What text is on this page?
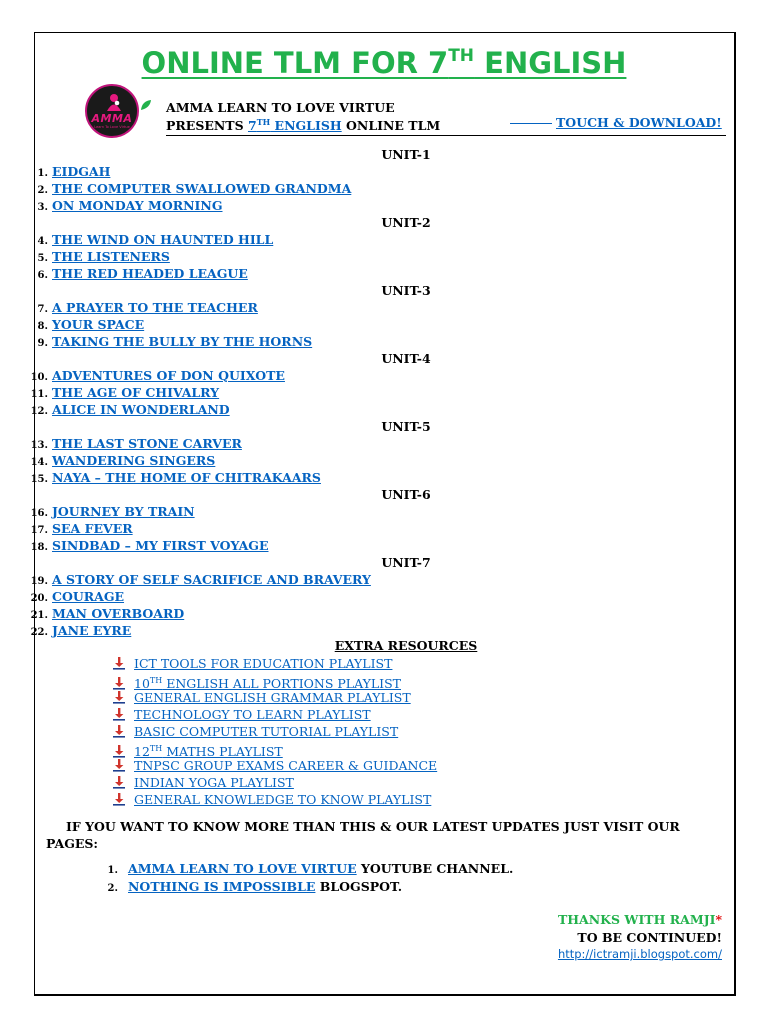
ONLINE TLM FOR 7TH ENGLISH
AMMA
Learn To Love Virtue
AMMA LEARN TO LOVE VIRTUE
PRESENTS 7TH ENGLISH ONLINE TLM	TOUCH & DOWNLOAD!
UNIT-1
1. EIDGAH
2. THE COMPUTER SWALLOWED GRANDMA
3. ON MONDAY MORNING
UNIT-2
4. THE WIND ON HAUNTED HILL
5. THE LISTENERS
6. THE RED HEADED LEAGUE
UNIT-3
7. A PRAYER TO THE TEACHER
8. YOUR SPACE
9. TAKING THE BULLY BY THE HORNS
UNIT-4
10. ADVENTURES OF DON QUIXOTE
11. THE AGE OF CHIVALRY
12. ALICE IN WONDERLAND
UNIT-5
13. THE LAST STONE CARVER
14. WANDERING SINGERS
15. NAYA – THE HOME OF CHITRAKAARS
UNIT-6
16. JOURNEY BY TRAIN
17. SEA FEVER
18. SINDBAD – MY FIRST VOYAGE
UNIT-7
19. A STORY OF SELF SACRIFICE AND BRAVERY
20. COURAGE
21. MAN OVERBOARD
22. JANE EYRE
EXTRA RESOURCES
ICT TOOLS FOR EDUCATION PLAYLIST
10TH ENGLISH ALL PORTIONS PLAYLIST
GENERAL ENGLISH GRAMMAR PLAYLIST
TECHNOLOGY TO LEARN PLAYLIST
BASIC COMPUTER TUTORIAL PLAYLIST
12TH MATHS PLAYLIST
TNPSC GROUP EXAMS CAREER & GUIDANCE
INDIAN YOGA PLAYLIST
GENERAL KNOWLEDGE TO KNOW PLAYLIST
IF YOU WANT TO KNOW MORE THAN THIS & OUR LATEST UPDATES JUST VISIT OUR PAGES:
1. AMMA LEARN TO LOVE VIRTUE YOUTUBE CHANNEL.
2. NOTHING IS IMPOSSIBLE BLOGSPOT.
THANKS WITH RAMJI*
TO BE CONTINUED!
http://ictramji.blogspot.com/
